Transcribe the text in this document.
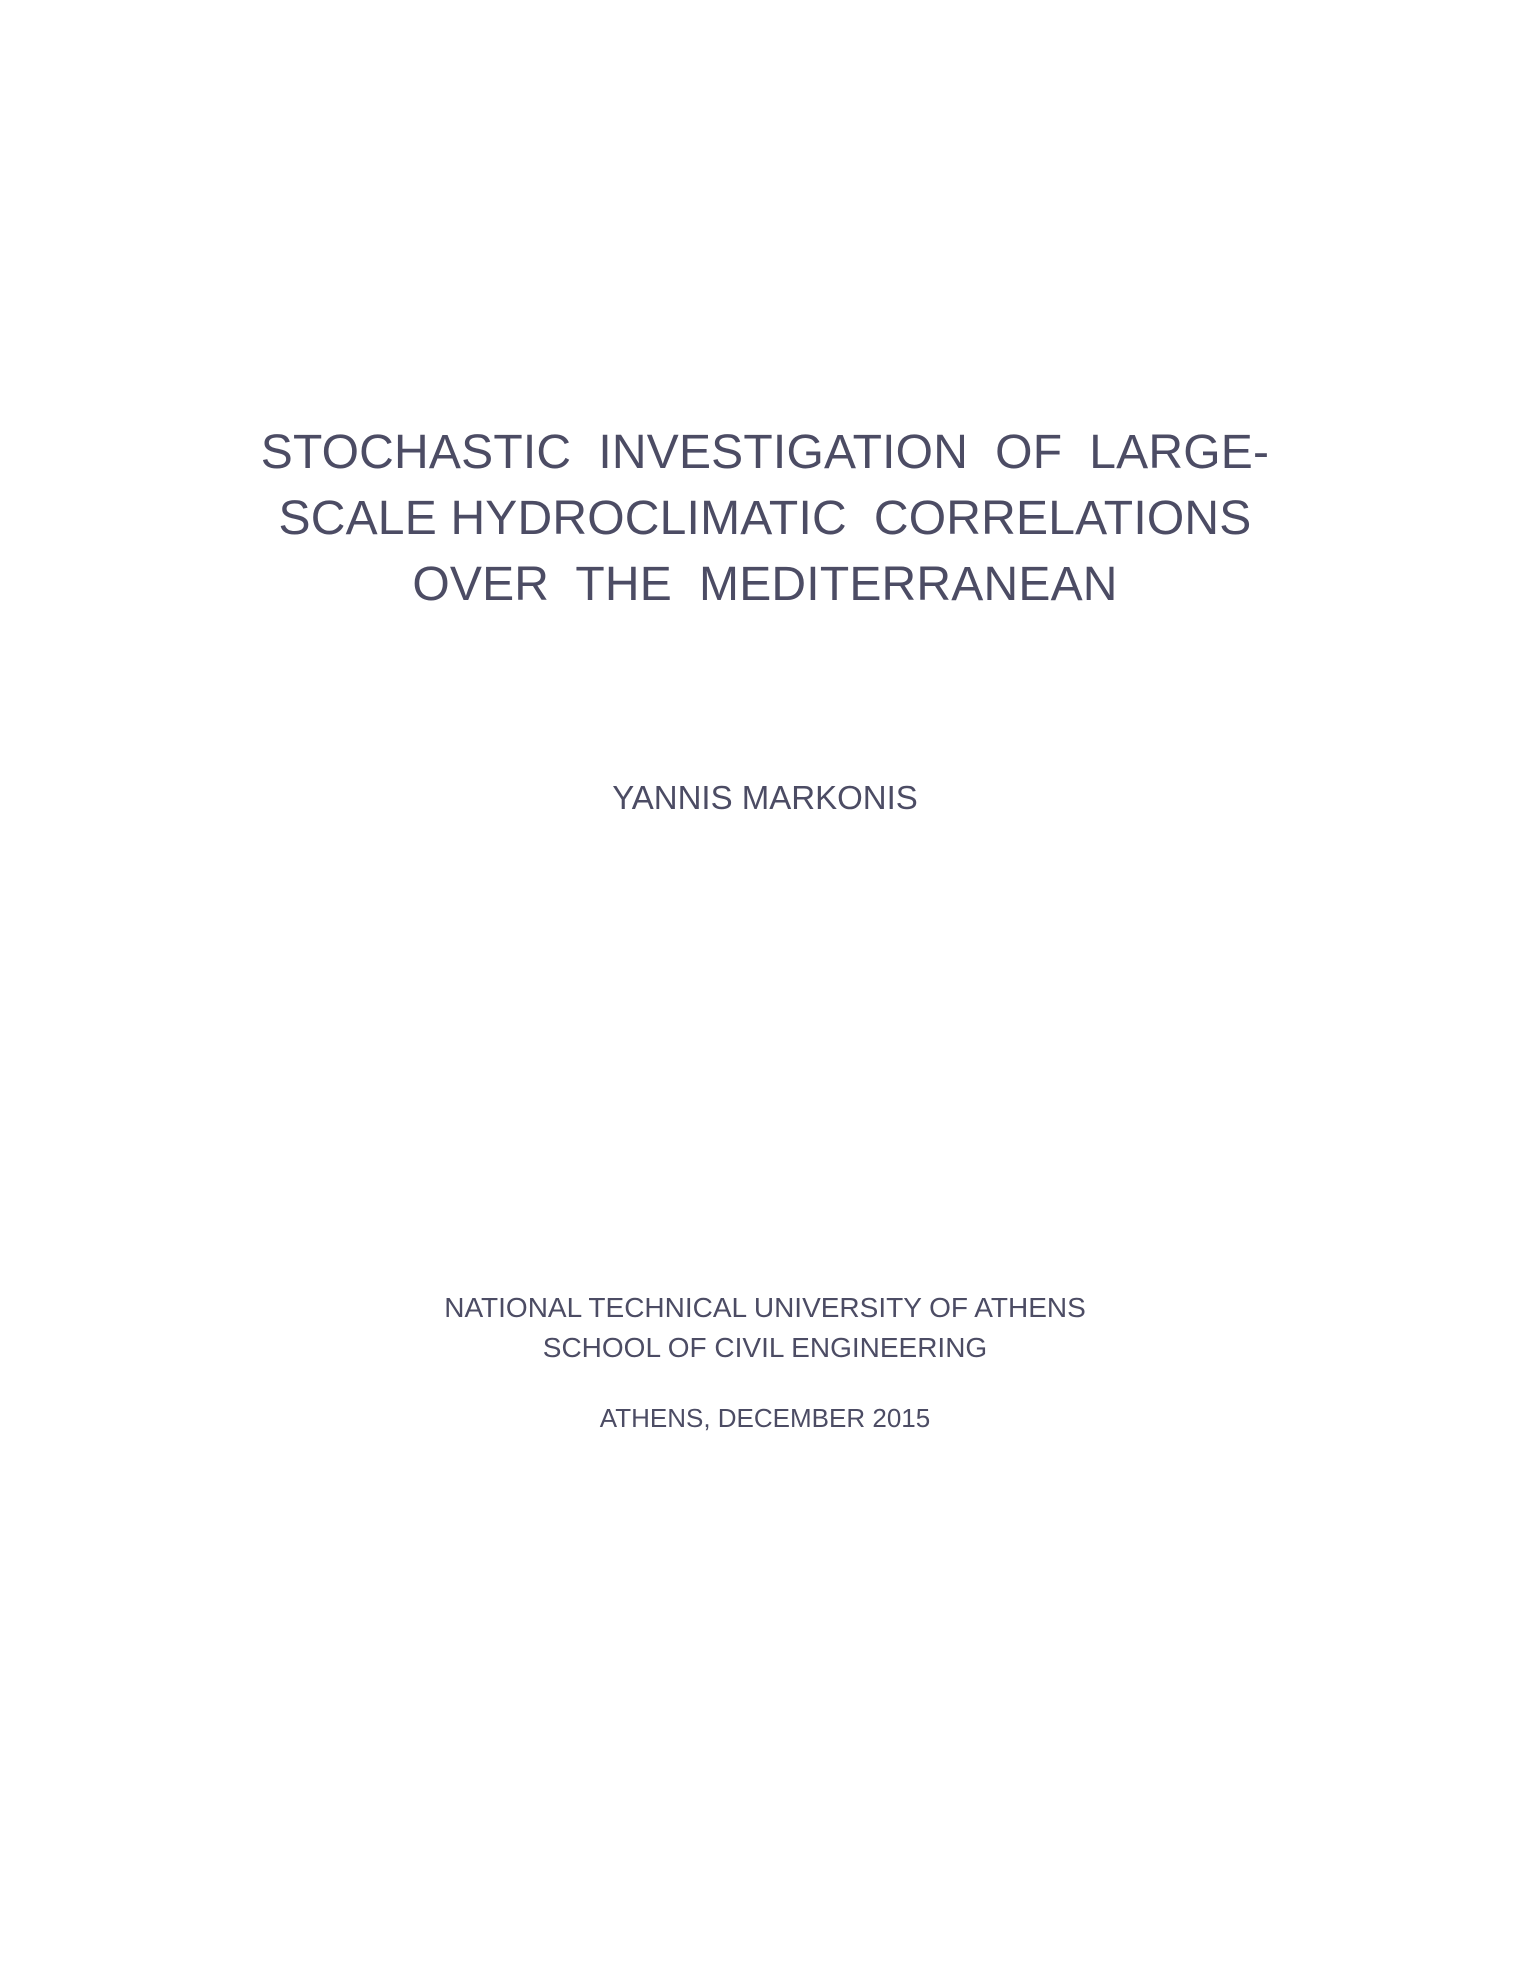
STOCHASTIC  INVESTIGATION  OF  LARGE-
SCALE HYDROCLIMATIC  CORRELATIONS
OVER  THE  MEDITERRANEAN
YANNIS MARKONIS
NATIONAL TECHNICAL UNIVERSITY OF ATHENS
SCHOOL OF CIVIL ENGINEERING
ATHENS, DECEMBER 2015
